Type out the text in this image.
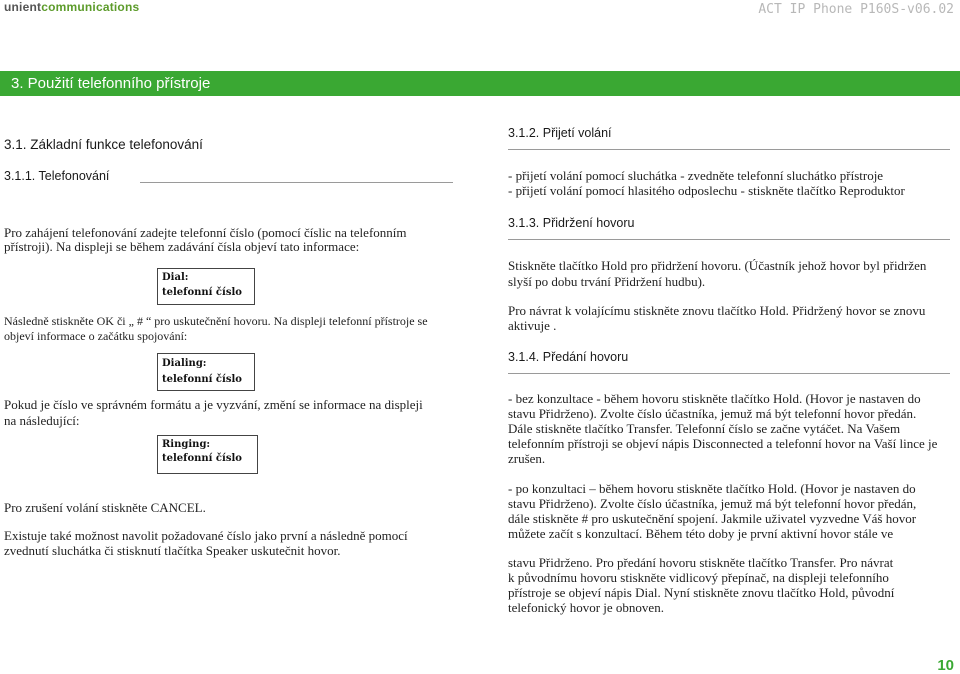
unientcommunications	ACT IP Phone P160S-v06.02
3. Použití telefonního přístroje
3.1. Základní funkce telefonování
3.1.1. Telefonování
Pro zahájení telefonování zadejte telefonní číslo (pomocí číslic na telefonním
přístroji). Na displeji se během zadávání čísla objeví tato informace:
Dial:
telefonní číslo
Následně stiskněte OK či „ # “ pro uskutečnění hovoru. Na displeji telefonní přístroje se
objeví informace o začátku spojování:
Dialing:
telefonní číslo
Pokud je číslo ve správném formátu a je vyzvání, změní se informace na displeji
na následující:
Ringing:
telefonní číslo
Pro zrušení volání stiskněte CANCEL.
Existuje také možnost navolit požadované číslo jako první a následně pomocí
zvednutí sluchátka či stisknutí tlačítka Speaker uskutečnit hovor.
3.1.2. Přijetí volání
- přijetí volání pomocí sluchátka - zvedněte telefonní sluchátko přístroje
- přijetí volání pomocí hlasitého odposlechu - stiskněte tlačítko Reproduktor
3.1.3. Přidržení hovoru
Stiskněte tlačítko Hold pro přidržení hovoru. (Účastník jehož hovor byl přidržen
slyší po dobu trvání Přidržení hudbu).
Pro návrat k volajícímu stiskněte znovu tlačítko Hold. Přidržený hovor se znovu
aktivuje .
3.1.4. Předání hovoru
- bez konzultace - během hovoru stiskněte tlačítko Hold. (Hovor je nastaven do
stavu Přidrženo). Zvolte číslo účastníka, jemuž má být telefonní hovor předán.
Dále stiskněte tlačítko Transfer. Telefonní číslo se začne vytáčet. Na Vašem
telefonním přístroji se objeví nápis Disconnected a telefonní hovor na Vaší lince je
zrušen.
- po konzultaci – během hovoru stiskněte tlačítko Hold. (Hovor je nastaven do
stavu Přidrženo). Zvolte číslo účastníka, jemuž má být telefonní hovor předán,
dále stiskněte # pro uskutečnění spojení. Jakmile uživatel vyzvedne Váš hovor
můžete začít s konzultací. Během této doby je první aktivní hovor stále ve
stavu Přidrženo. Pro předání hovoru stiskněte tlačítko Transfer. Pro návrat
k původnímu hovoru stiskněte vidlicový přepínač, na displeji telefonního
přístroje se objeví nápis Dial. Nyní stiskněte znovu tlačítko Hold, původní
telefonický hovor je obnoven.
10
